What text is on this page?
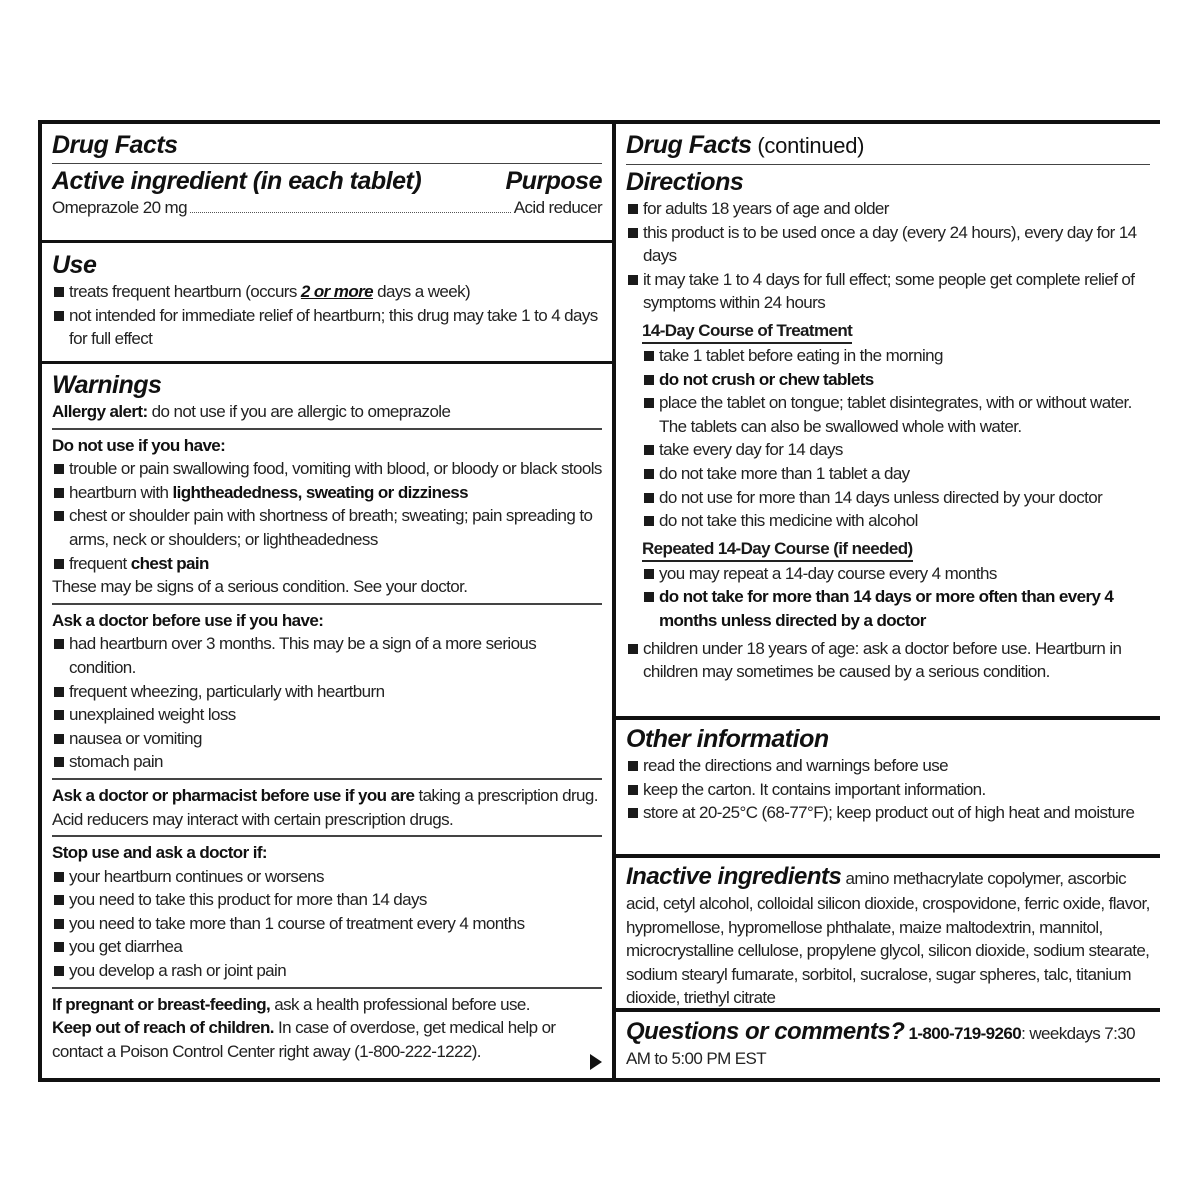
Drug Facts
Active ingredient (in each tablet)	Purpose
Omeprazole 20 mg	Acid reducer
Use
treats frequent heartburn (occurs 2 or more days a week)
not intended for immediate relief of heartburn; this drug may take 1 to 4 days for full effect
Warnings
Allergy alert: do not use if you are allergic to omeprazole
Do not use if you have:
trouble or pain swallowing food, vomiting with blood, or bloody or black stools
heartburn with lightheadedness, sweating or dizziness
chest or shoulder pain with shortness of breath; sweating; pain spreading to arms, neck or shoulders; or lightheadedness
frequent chest pain
These may be signs of a serious condition. See your doctor.
Ask a doctor before use if you have:
had heartburn over 3 months. This may be a sign of a more serious condition.
frequent wheezing, particularly with heartburn
unexplained weight loss
nausea or vomiting
stomach pain
Ask a doctor or pharmacist before use if you are taking a prescription drug. Acid reducers may interact with certain prescription drugs.
Stop use and ask a doctor if:
your heartburn continues or worsens
you need to take this product for more than 14 days
you need to take more than 1 course of treatment every 4 months
you get diarrhea
you develop a rash or joint pain
If pregnant or breast-feeding, ask a health professional before use.
Keep out of reach of children. In case of overdose, get medical help or contact a Poison Control Center right away (1-800-222-1222).
Drug Facts (continued)
Directions
for adults 18 years of age and older
this product is to be used once a day (every 24 hours), every day for 14 days
it may take 1 to 4 days for full effect; some people get complete relief of symptoms within 24 hours
14-Day Course of Treatment
take 1 tablet before eating in the morning
do not crush or chew tablets
place the tablet on tongue; tablet disintegrates, with or without water. The tablets can also be swallowed whole with water.
take every day for 14 days
do not take more than 1 tablet a day
do not use for more than 14 days unless directed by your doctor
do not take this medicine with alcohol
Repeated 14-Day Course (if needed)
you may repeat a 14-day course every 4 months
do not take for more than 14 days or more often than every 4 months unless directed by a doctor
children under 18 years of age: ask a doctor before use. Heartburn in children may sometimes be caused by a serious condition.
Other information
read the directions and warnings before use
keep the carton. It contains important information.
store at 20-25°C (68-77°F); keep product out of high heat and moisture
Inactive ingredients amino methacrylate copolymer, ascorbic acid, cetyl alcohol, colloidal silicon dioxide, crospovidone, ferric oxide, flavor, hypromellose, hypromellose phthalate, maize maltodextrin, mannitol, microcrystalline cellulose, propylene glycol, silicon dioxide, sodium stearate, sodium stearyl fumarate, sorbitol, sucralose, sugar spheres, talc, titanium dioxide, triethyl citrate
Questions or comments? 1-800-719-9260: weekdays 7:30 AM to 5:00 PM EST
